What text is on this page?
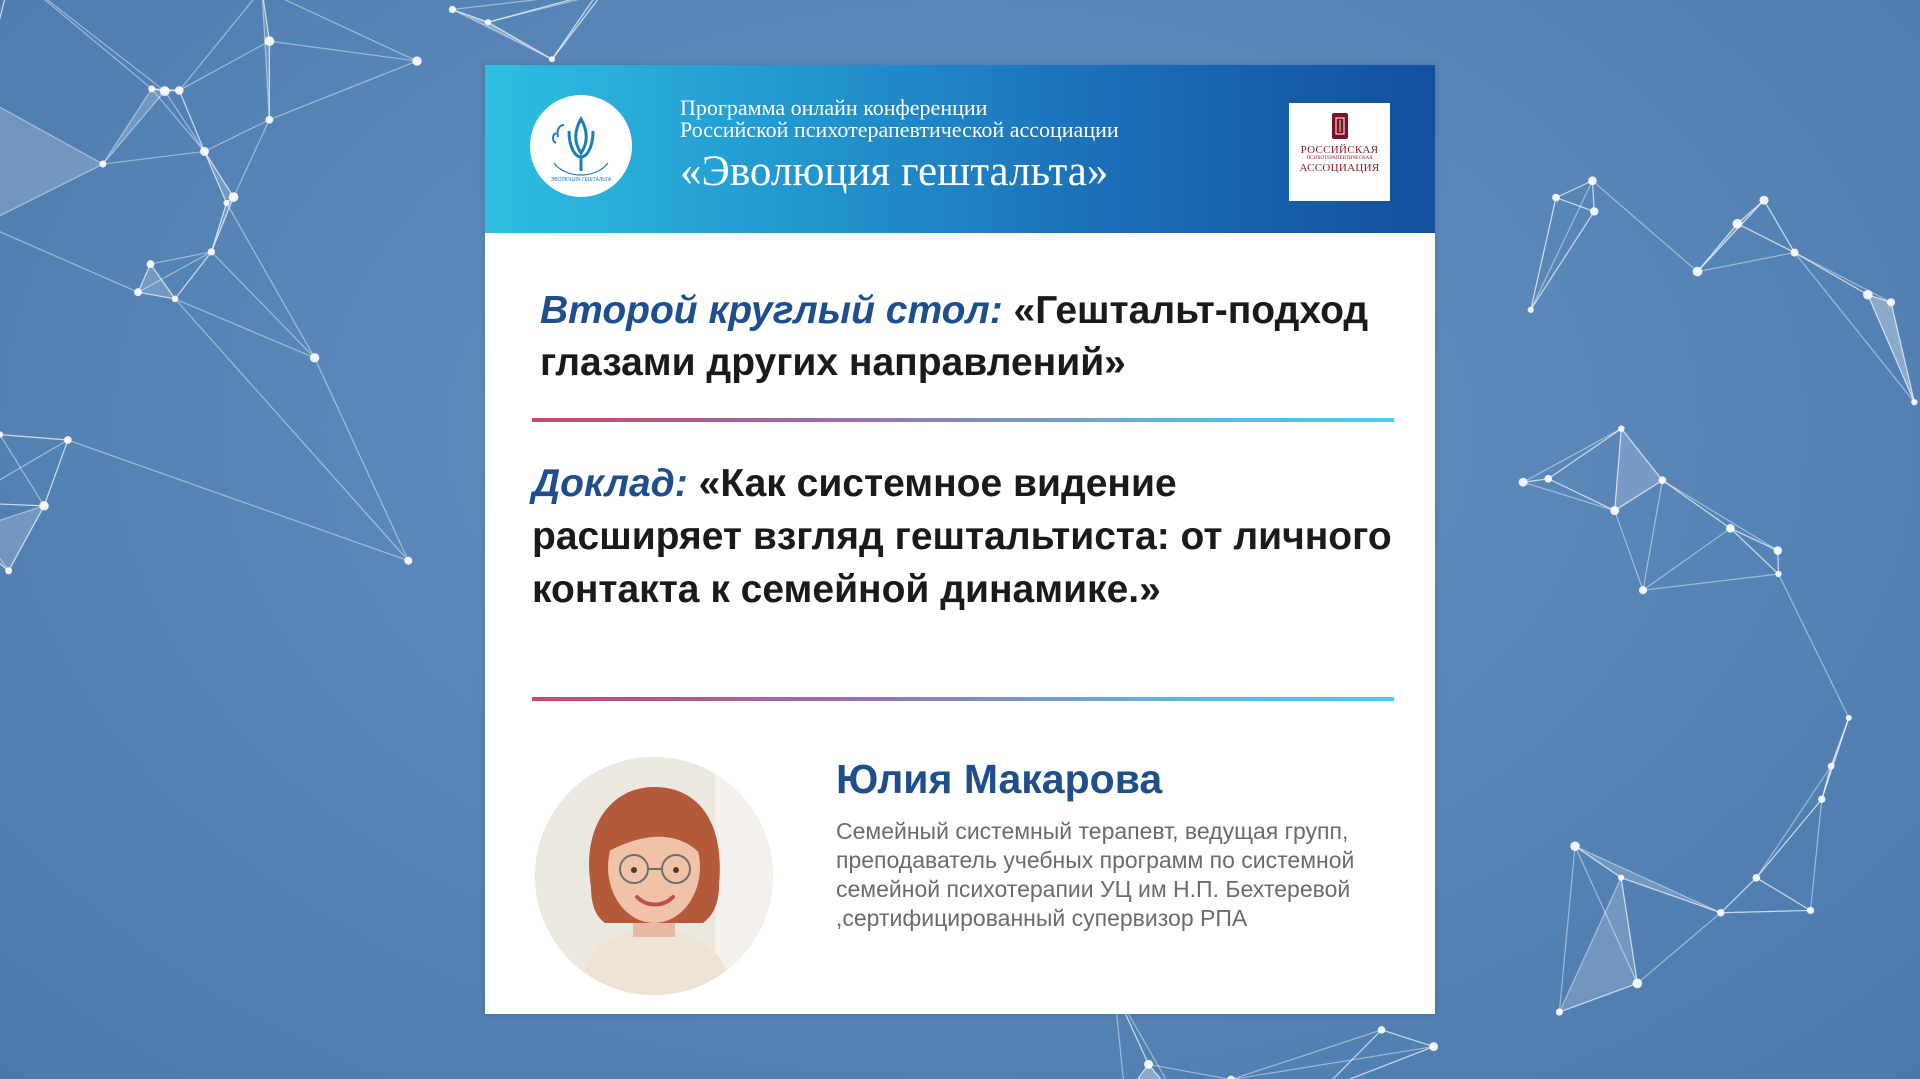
ЭВОЛЮЦИЯ ГЕШТАЛЬТА
Программа онлайн конференции
Российской психотерапевтической ассоциации
«Эволюция гештальта»	РОССИЙСКАЯ
ПСИХОТЕРАПЕВТИЧЕСКАЯ
АССОЦИАЦИЯ
Второй круглый стол: «Гештальт-подход глазами других направлений»
Доклад: «Как системное видение расширяет взгляд гештальтиста: от личного контакта к семейной динамике.»
Юлия Макарова
Семейный системный терапевт, ведущая групп, преподаватель учебных программ по системной семейной психотерапии УЦ им Н.П. Бехтеревой ,сертифицированный супервизор РПА
